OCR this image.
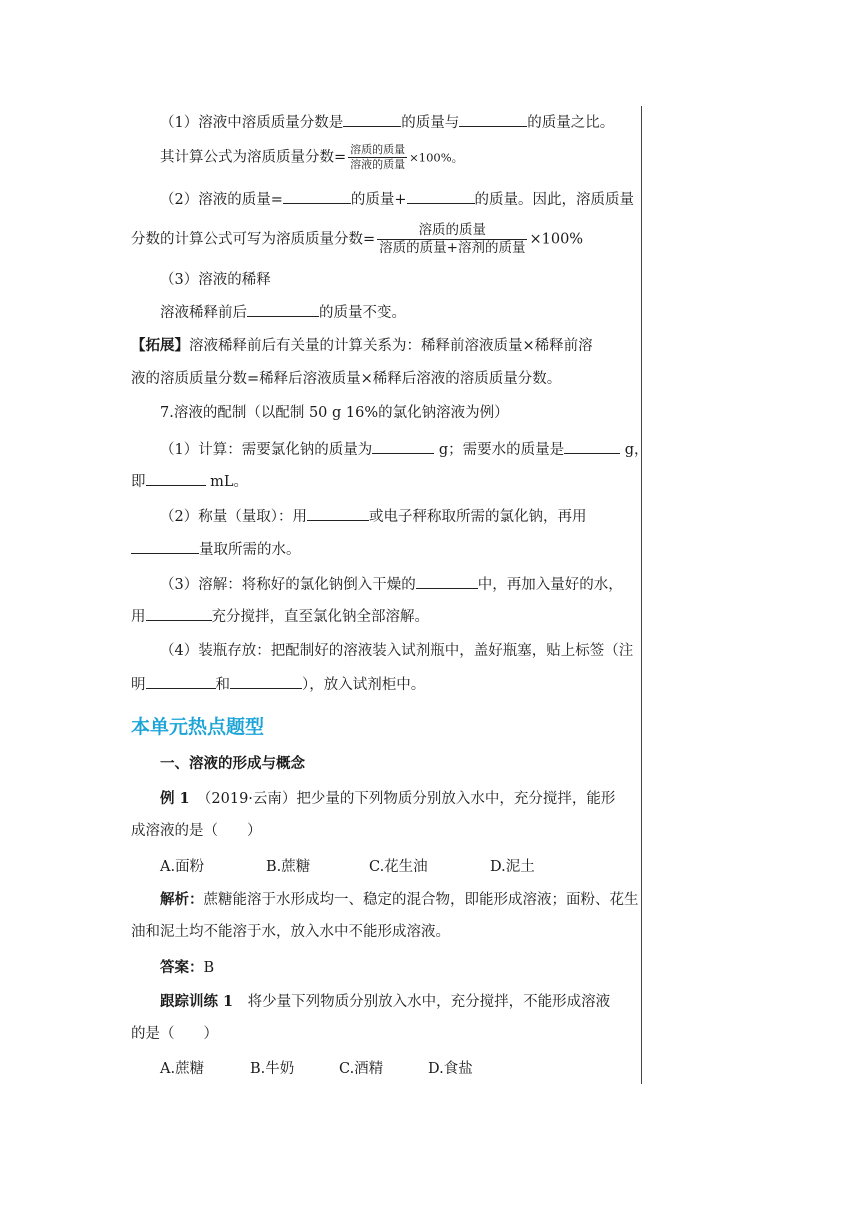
（1）溶液中溶质质量分数是	的质量与	的质量之比。
其计算公式为溶质质量分数= $\frac{\text{溶质的质量}}{\text{溶液的质量}} \times 100\%$。
（2）溶液的质量=	的质量+	的质量。因此，溶质质量
分数的计算公式可写为溶质质量分数= $\frac{\text{溶质的质量}}{\text{溶质的质量+溶剂的质量}} \times 100\%$
（3）溶液的稀释
溶液稀释前后	的质量不变。
【拓展】溶液稀释前后有关量的计算关系为：稀释前溶液质量×稀释前溶
液的溶质质量分数=稀释后溶液质量×稀释后溶液的溶质质量分数。
7.溶液的配制（以配制 50 g 16%的氯化钠溶液为例）
（1）计算：需要氯化钠的质量为	g；需要水的质量是	g，
即	mL。
（2）称量（量取）：用	或电子秤称取所需的氯化钠，再用
量取所需的水。
（3）溶解：将称好的氯化钠倒入干燥的	中，再加入量好的水，
用	充分搅拌，直至氯化钠全部溶解。
（4）装瓶存放：把配制好的溶液装入试剂瓶中，盖好瓶塞，贴上标签（注
明	和	），放入试剂柜中。
本单元热点题型
一、溶液的形成与概念
例 1　 （2019·云南）把少量的下列物质分别放入水中，充分搅拌，能形
成溶液的是（　　）
A.面粉	B.蔗糖	C.花生油	D.泥土
解析：蔗糖能溶于水形成均一、稳定的混合物，即能形成溶液；面粉、花生
油和泥土均不能溶于水，放入水中不能形成溶液。
答案：B
跟踪训练 1　 将少量下列物质分别放入水中，充分搅拌，不能形成溶液
的是（　　）
A.蔗糖	B.牛奶	C.酒精	D.食盐
